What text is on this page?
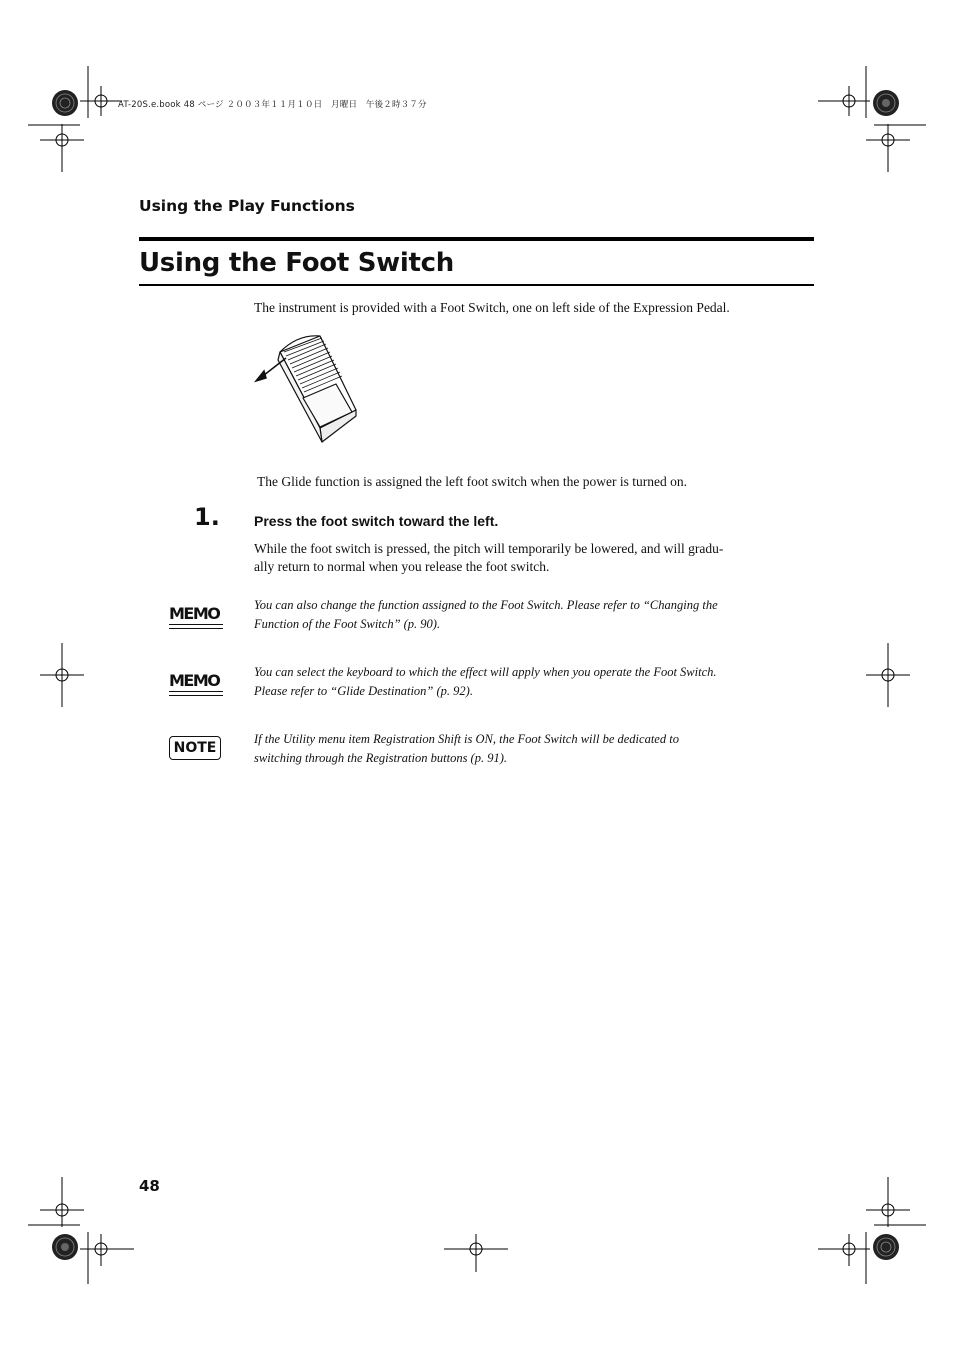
AT-20S.e.book 48 ページ ２００３年１１月１０日　月曜日　午後２時３７分
Using the Play Functions
Using the Foot Switch
The instrument is provided with a Foot Switch, one on left side of the Expression Pedal.
The Glide function is assigned the left foot switch when the power is turned on.
1. Press the foot switch toward the left.
While the foot switch is pressed, the pitch will temporarily be lowered, and will gradu-
ally return to normal when you release the foot switch.
MEMO	You can also change the function assigned to the Foot Switch. Please refer to “Changing the
Function of the Foot Switch” (p. 90).
MEMO	You can select the keyboard to which the effect will apply when you operate the Foot Switch.
Please refer to “Glide Destination” (p. 92).
NOTE
If the Utility menu item Registration Shift is ON, the Foot Switch will be dedicated to
switching through the Registration buttons (p. 91).
48
